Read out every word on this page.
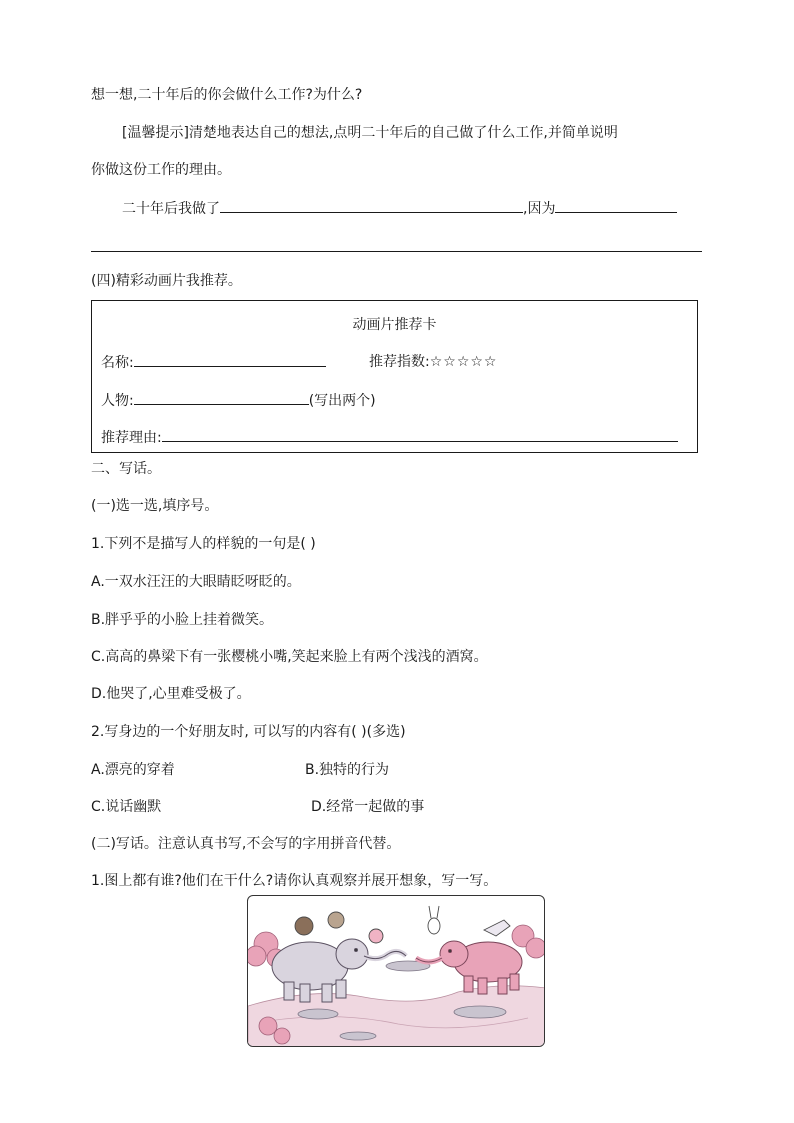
想一想,二十年后的你会做什么工作?为什么?
[温馨提示]清楚地表达自己的想法,点明二十年后的自己做了什么工作,并简单说明
你做这份工作的理由。
二十年后我做了	,因为
(四)精彩动画片我推荐。
动画片推荐卡
名称:	推荐指数:☆☆☆☆☆
人物:	(写出两个)
推荐理由:
二、写话。
(一)选一选,填序号。
1.下列不是描写人的样貌的一句是( )
A.一双水汪汪的大眼睛眨呀眨的。
B.胖乎乎的小脸上挂着微笑。
C.高高的鼻梁下有一张樱桃小嘴,笑起来脸上有两个浅浅的酒窝。
D.他哭了,心里难受极了。
2.写身边的一个好朋友时, 可以写的内容有( )(多选)
A.漂亮的穿着	B.独特的行为
C.说话幽默	D.经常一起做的事
(二)写话。注意认真书写,不会写的字用拼音代替。
1.图上都有谁?他们在干什么?请你认真观察并展开想象，写一写。
